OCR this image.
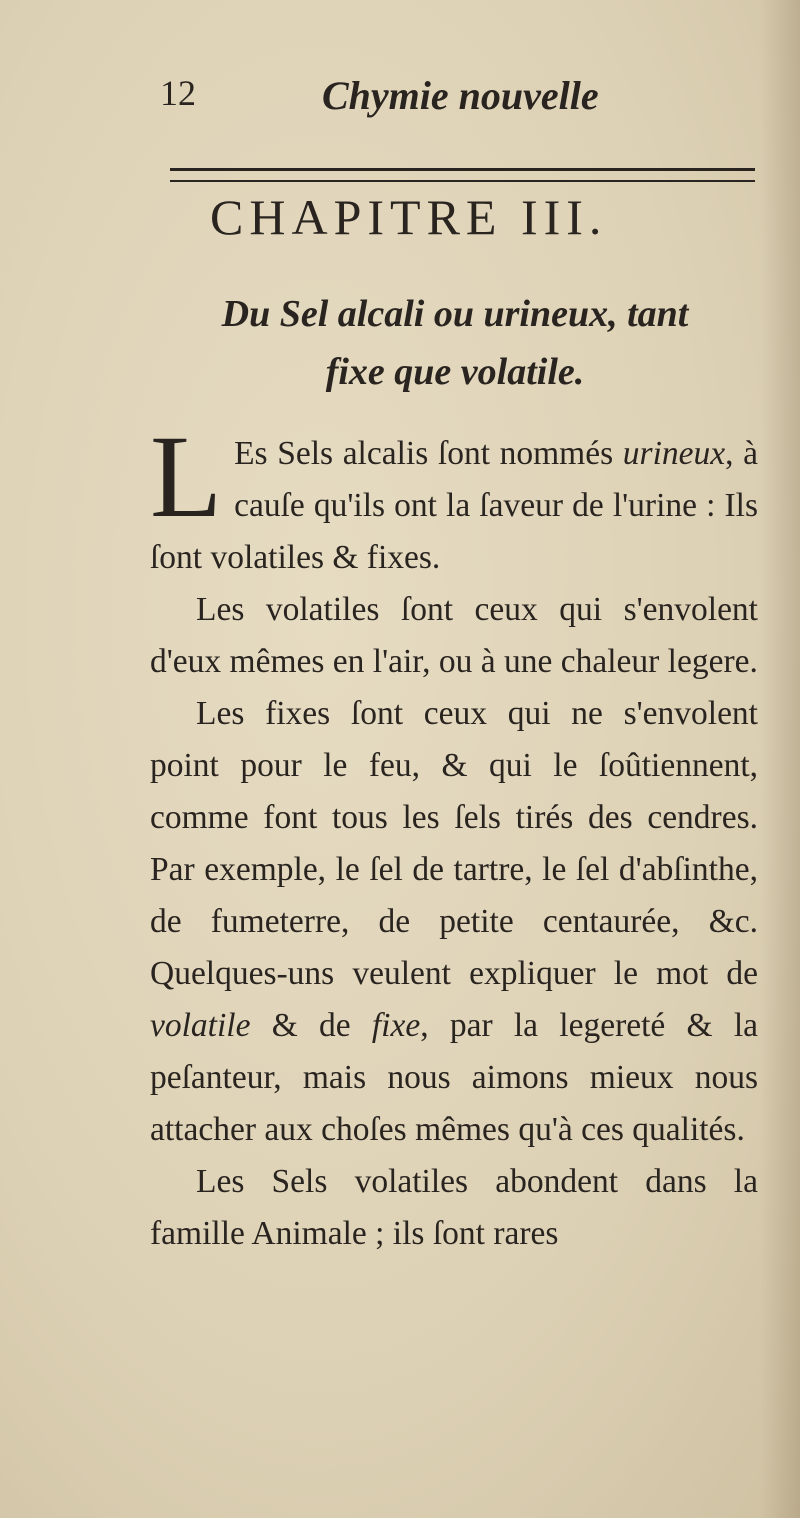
12	Chymie nouvelle
CHAPITRE III.
Du Sel alcali ou urineux, tant
fixe que volatile.

L Es Sels alcalis ſont nommés urineux, à cauſe qu'ils ont la ſaveur de l'urine : Ils ſont volatiles & fixes.

Les volatiles ſont ceux qui s'envolent d'eux mêmes en l'air, ou à une chaleur legere.

Les fixes ſont ceux qui ne s'envolent point pour le feu, & qui le ſoûtiennent, comme font tous les ſels tirés des cendres. Par exemple, le ſel de tartre, le ſel d'abſinthe, de fumeterre, de petite centaurée, &c. Quelques-uns veulent expliquer le mot de volatile & de fixe, par la legereté & la peſanteur, mais nous aimons mieux nous attacher aux choſes mêmes qu'à ces qualités.

Les Sels volatiles abondent dans la famille Animale ; ils ſont rares
